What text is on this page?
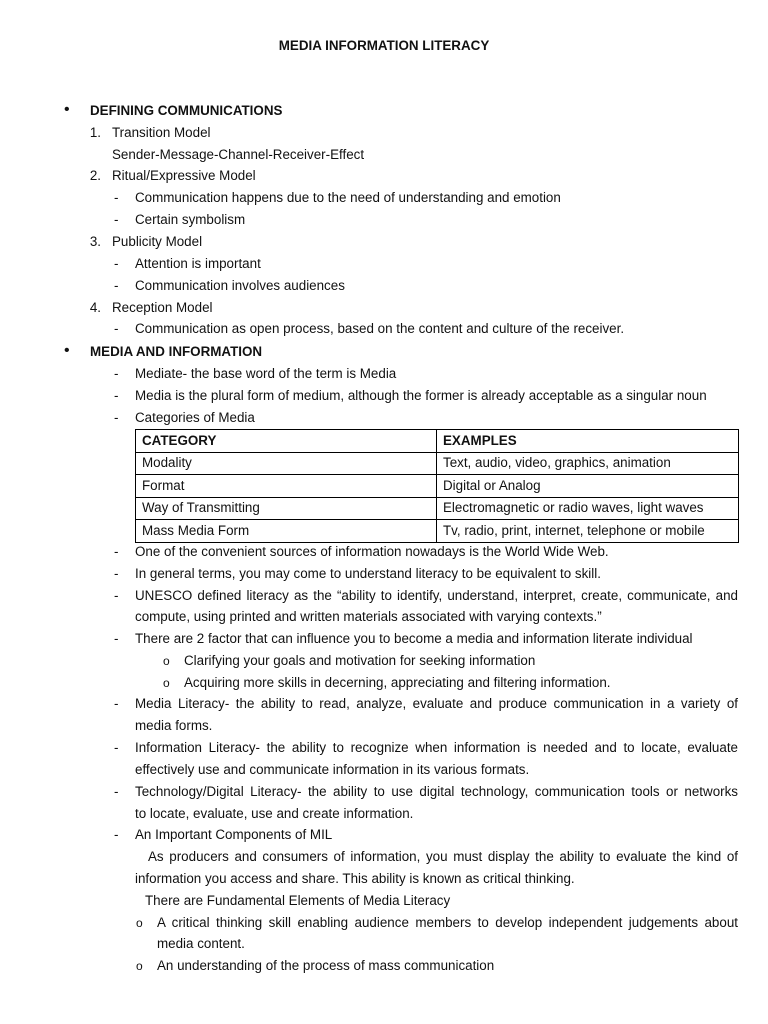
MEDIA INFORMATION LITERACY
• DEFINING COMMUNICATIONS
1. Transition Model
Sender-Message-Channel-Receiver-Effect
2. Ritual/Expressive Model
-	Communication happens due to the need of understanding and emotion
-	Certain symbolism
3. Publicity Model
-	Attention is important
-	Communication involves audiences
4. Reception Model
-	Communication as open process, based on the content and culture of the receiver.
• MEDIA AND INFORMATION
-	Mediate- the base word of the term is Media
-	Media is the plural form of medium, although the former is already acceptable as a singular noun
-	Categories of Media
CATEGORY	EXAMPLES
Modality	Text, audio, video, graphics, animation
Format	Digital or Analog
Way of Transmitting	Electromagnetic or radio waves, light waves
Mass Media Form	Tv, radio, print, internet, telephone or mobile
-	One of the convenient sources of information nowadays is the World Wide Web.
-	In general terms, you may come to understand literacy to be equivalent to skill.
-	UNESCO defined literacy as the “ability to identify, understand, interpret, create, communicate, and
compute, using printed and written materials associated with varying contexts.”
-	There are 2 factor that can influence you to become a media and information literate individual
o Clarifying your goals and motivation for seeking information
o Acquiring more skills in decerning, appreciating and filtering information.
-	Media Literacy- the ability to read, analyze, evaluate and produce communication in a variety of
media forms.
-	Information Literacy- the ability to recognize when information is needed and to locate, evaluate
effectively use and communicate information in its various formats.
-	Technology/Digital Literacy- the ability to use digital technology, communication tools or networks
to locate, evaluate, use and create information.
-	An Important Components of MIL
As producers and consumers of information, you must display the ability to evaluate the kind of
information you access and share. This ability is known as critical thinking.
There are Fundamental Elements of Media Literacy
o A critical thinking skill enabling audience members to develop independent judgements about
media content.
o An understanding of the process of mass communication
